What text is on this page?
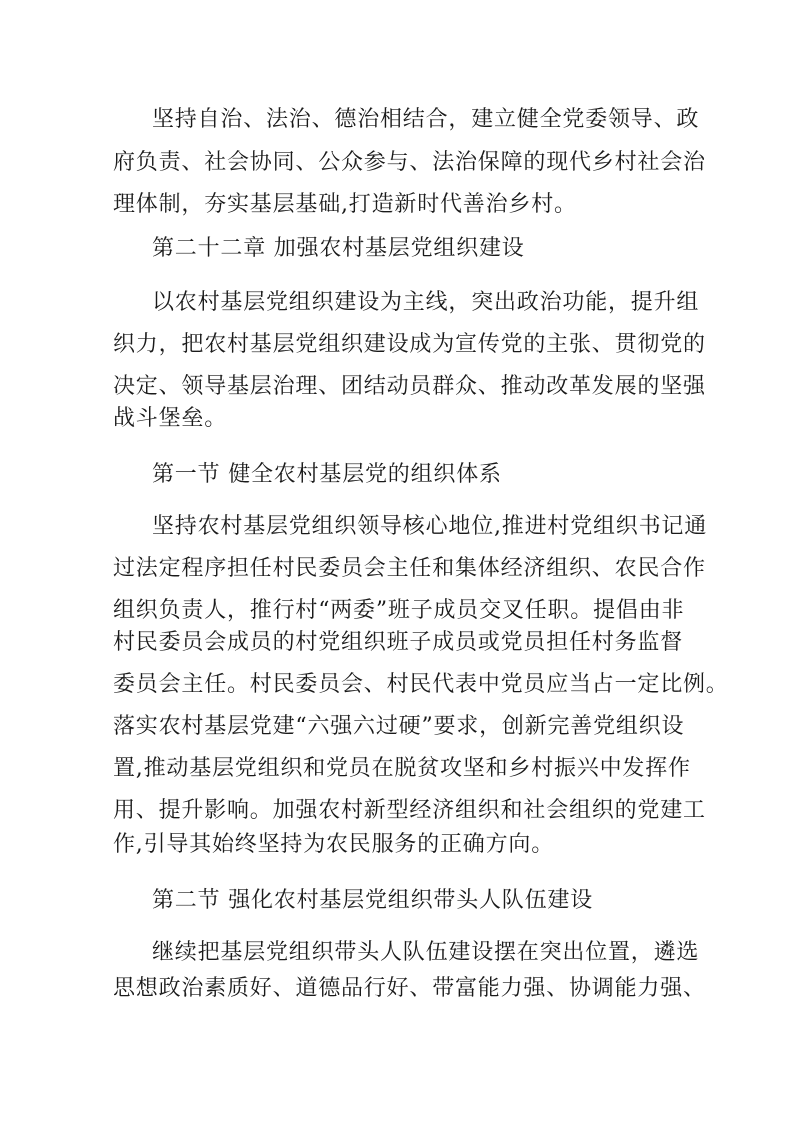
坚持自治、法治、德治相结合，建立健全党委领导、政
府负责、社会协同、公众参与、法治保障的现代乡村社会治
理体制，夯实基层基础,打造新时代善治乡村。
第二十二章 加强农村基层党组织建设
以农村基层党组织建设为主线，突出政治功能，提升组
织力，把农村基层党组织建设成为宣传党的主张、贯彻党的
决定、领导基层治理、团结动员群众、推动改革发展的坚强
战斗堡垒。
第一节 健全农村基层党的组织体系
坚持农村基层党组织领导核心地位,推进村党组织书记通
过法定程序担任村民委员会主任和集体经济组织、农民合作
组织负责人，推行村“两委”班子成员交叉任职。提倡由非
村民委员会成员的村党组织班子成员或党员担任村务监督
委员会主任。村民委员会、村民代表中党员应当占一定比例。
落实农村基层党建“六强六过硬”要求，创新完善党组织设
置,推动基层党组织和党员在脱贫攻坚和乡村振兴中发挥作
用、提升影响。加强农村新型经济组织和社会组织的党建工
作,引导其始终坚持为农民服务的正确方向。
第二节 强化农村基层党组织带头人队伍建设
继续把基层党组织带头人队伍建设摆在突出位置，遴选
思想政治素质好、道德品行好、带富能力强、协调能力强、
